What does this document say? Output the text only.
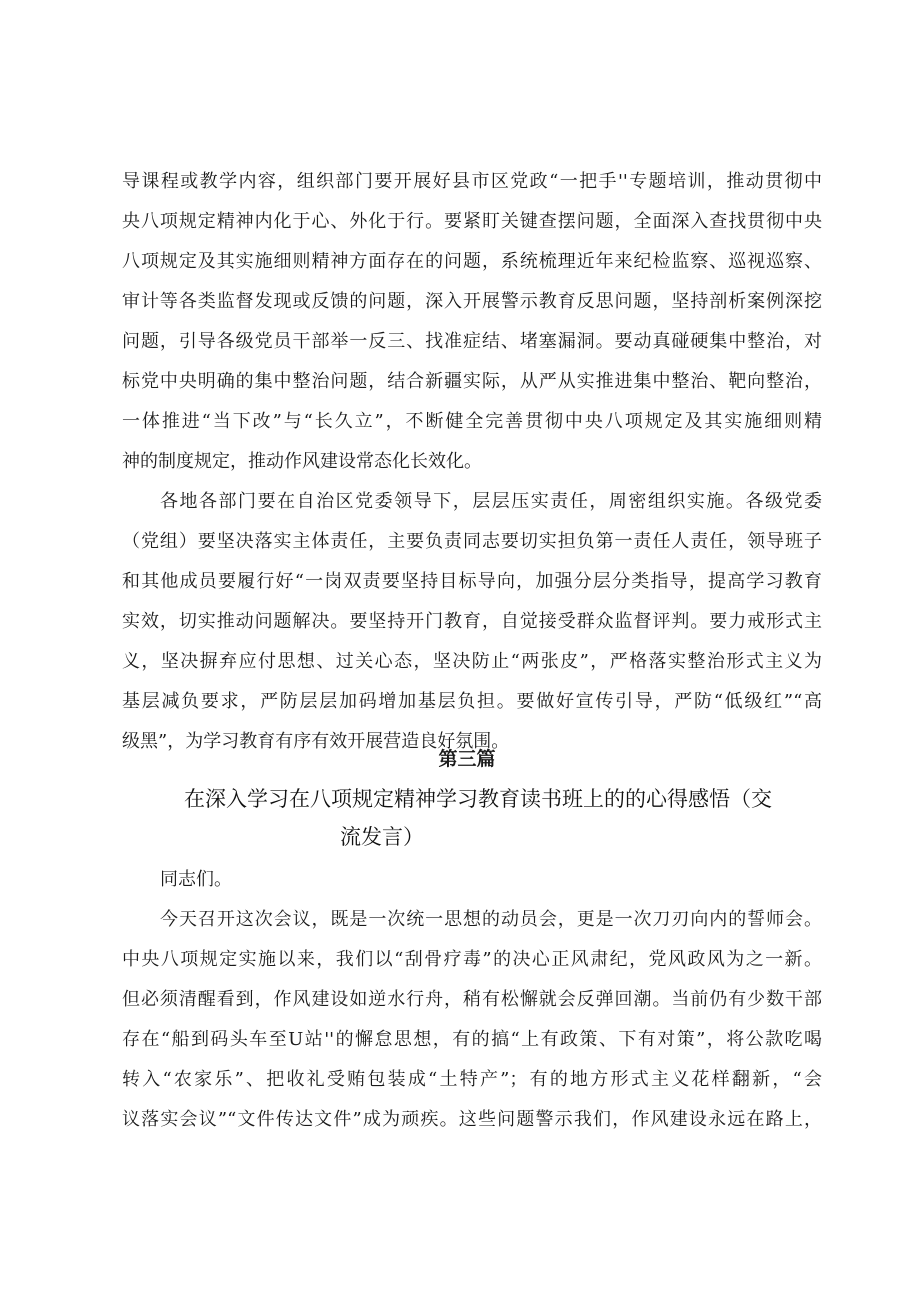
导课程或教学内容，组织部门要开展好县市区党政“一把手''专题培训，推动贯彻中
央八项规定精神内化于心、外化于行。要紧盯关键查摆问题，全面深入查找贯彻中央
八项规定及其实施细则精神方面存在的问题，系统梳理近年来纪检监察、巡视巡察、
审计等各类监督发现或反馈的问题，深入开展警示教育反思问题，坚持剖析案例深挖
问题，引导各级党员干部举一反三、找准症结、堵塞漏洞。要动真碰硬集中整治，对
标党中央明确的集中整治问题，结合新疆实际，从严从实推进集中整治、靶向整治，
一体推进“当下改”与“长久立”，不断健全完善贯彻中央八项规定及其实施细则精
神的制度规定，推动作风建设常态化长效化。
各地各部门要在自治区党委领导下，层层压实责任，周密组织实施。各级党委
（党组）要坚决落实主体责任，主要负责同志要切实担负第一责任人责任，领导班子
和其他成员要履行好“一岗双责要坚持目标导向，加强分层分类指导，提高学习教育
实效，切实推动问题解决。要坚持开门教育，自觉接受群众监督评判。要力戒形式主
义，坚决摒弃应付思想、过关心态，坚决防止“两张皮”，严格落实整治形式主义为
基层减负要求，严防层层加码增加基层负担。要做好宣传引导，严防“低级红”“高
级黑”，为学习教育有序有效开展营造良好氛围。
第三篇
在深入学习在八项规定精神学习教育读书班上的的心得感悟（交
流发言）
同志们。
今天召开这次会议，既是一次统一思想的动员会，更是一次刀刃向内的誓师会。
中央八项规定实施以来，我们以“刮骨疗毒”的决心正风肃纪，党风政风为之一新。
但必须清醒看到，作风建设如逆水行舟，稍有松懈就会反弹回潮。当前仍有少数干部
存在“船到码头车至U站''的懈怠思想，有的搞“上有政策、下有对策”，将公款吃喝
转入“农家乐”、把收礼受贿包装成“土特产”；有的地方形式主义花样翻新，“会
议落实会议”“文件传达文件”成为顽疾。这些问题警示我们，作风建设永远在路上，
